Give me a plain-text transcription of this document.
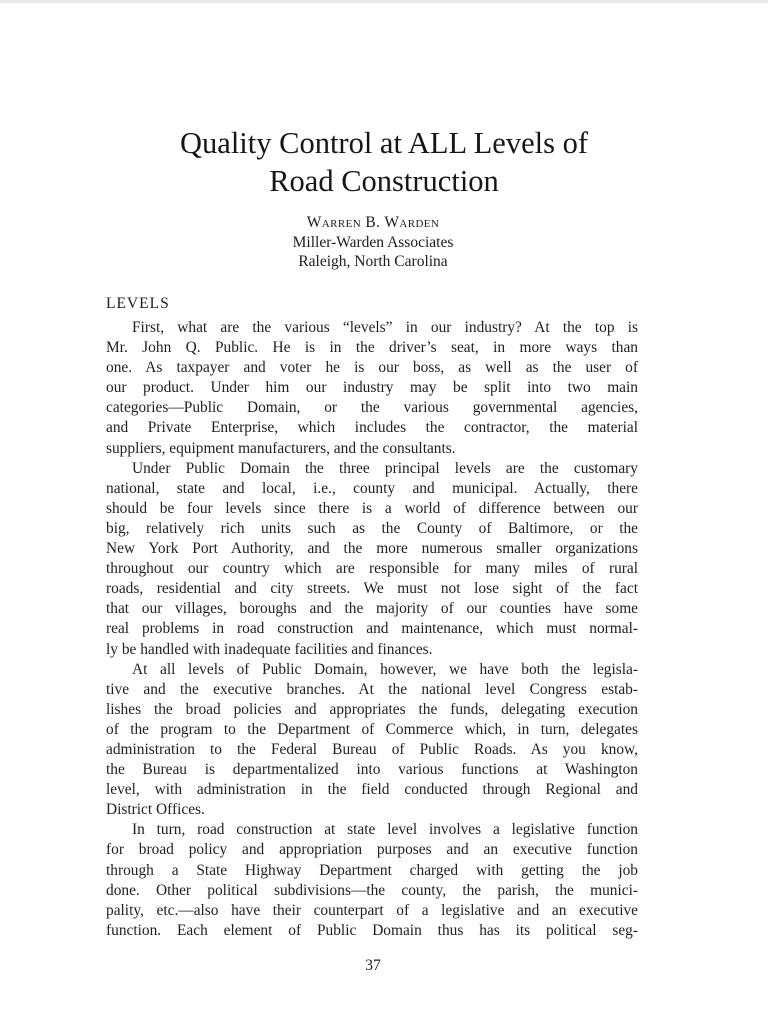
Quality Control at ALL Levels of
Road Construction
Warren B. Warden
Miller-Warden Associates
Raleigh, North Carolina
LEVELS
First, what are the various “levels” in our industry? At the top is
Mr. John Q. Public. He is in the driver’s seat, in more ways than
one. As taxpayer and voter he is our boss, as well as the user of
our product. Under him our industry may be split into two main
categories—Public Domain, or the various governmental agencies,
and Private Enterprise, which includes the contractor, the material
suppliers, equipment manufacturers, and the consultants.
Under Public Domain the three principal levels are the customary
national, state and local, i.e., county and municipal. Actually, there
should be four levels since there is a world of difference between our
big, relatively rich units such as the County of Baltimore, or the
New York Port Authority, and the more numerous smaller organizations
throughout our country which are responsible for many miles of rural
roads, residential and city streets. We must not lose sight of the fact
that our villages, boroughs and the majority of our counties have some
real problems in road construction and maintenance, which must normal-
ly be handled with inadequate facilities and finances.
At all levels of Public Domain, however, we have both the legisla-
tive and the executive branches. At the national level Congress estab-
lishes the broad policies and appropriates the funds, delegating execution
of the program to the Department of Commerce which, in turn, delegates
administration to the Federal Bureau of Public Roads. As you know,
the Bureau is departmentalized into various functions at Washington
level, with administration in the field conducted through Regional and
District Offices.
In turn, road construction at state level involves a legislative function
for broad policy and appropriation purposes and an executive function
through a State Highway Department charged with getting the job
done. Other political subdivisions—the county, the parish, the munici-
pality, etc.—also have their counterpart of a legislative and an executive
function. Each element of Public Domain thus has its political seg-
37
